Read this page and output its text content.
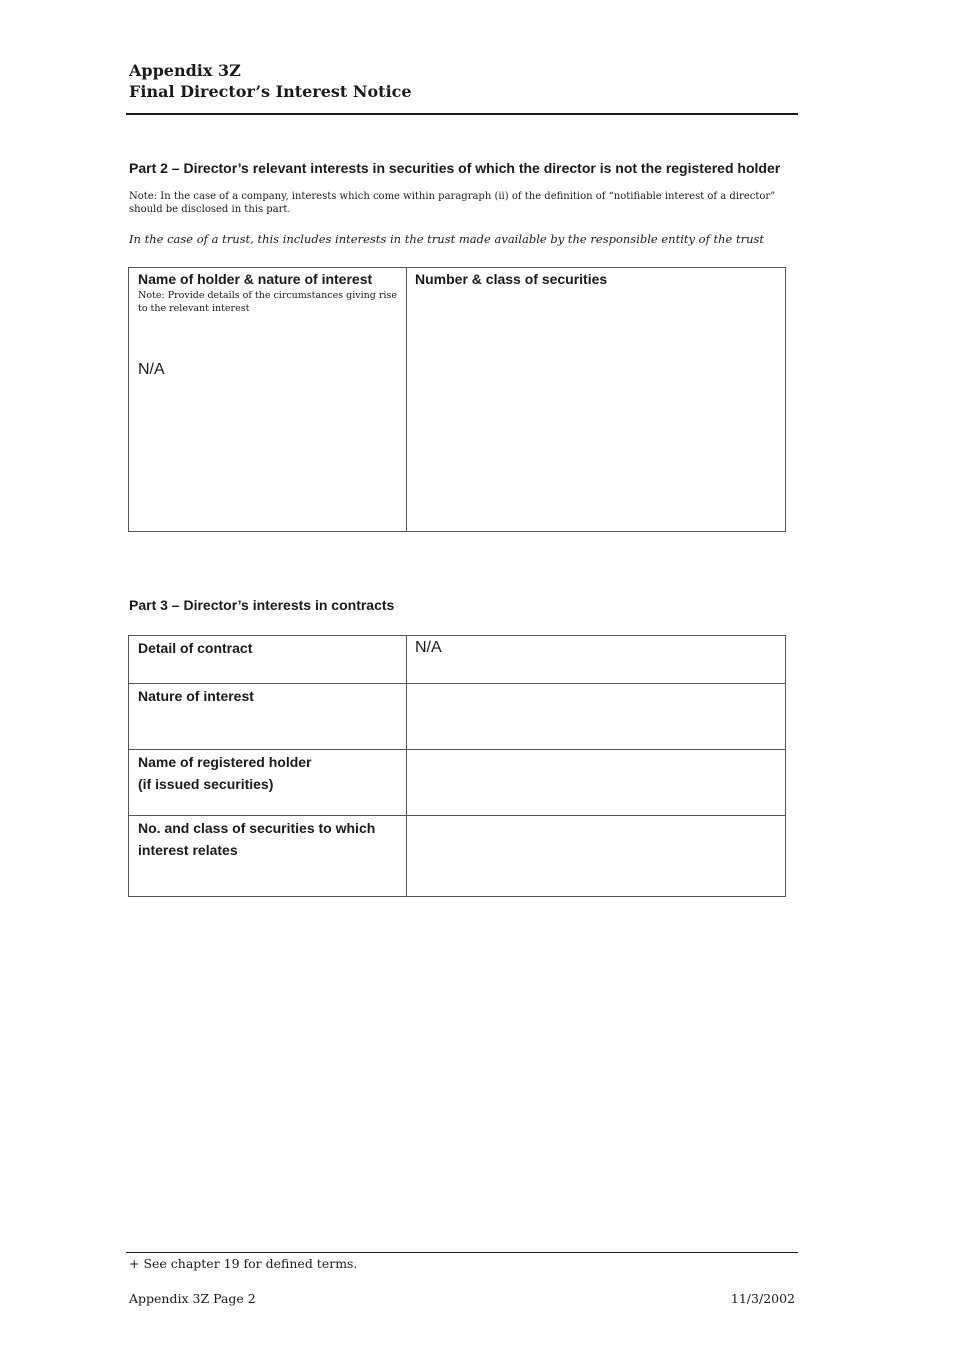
Appendix 3Z
Final Director’s Interest Notice
Part 2 – Director’s relevant interests in securities of which the director is not the registered holder
Note: In the case of a company, interests which come within paragraph (ii) of the definition of “notifiable interest of a director” should be disclosed in this part.
In the case of a trust, this includes interests in the trust made available by the responsible entity of the trust
Name of holder & nature of interest
Note: Provide details of the circumstances giving rise to the relevant interest
Number & class of securities
N/A
Part 3 – Director’s interests in contracts
Detail of contract	N/A
Nature of interest
Name of registered holder
(if issued securities)
No. and class of securities to which
interest relates
+ See chapter 19 for defined terms.
Appendix 3Z Page 2	11/3/2002
